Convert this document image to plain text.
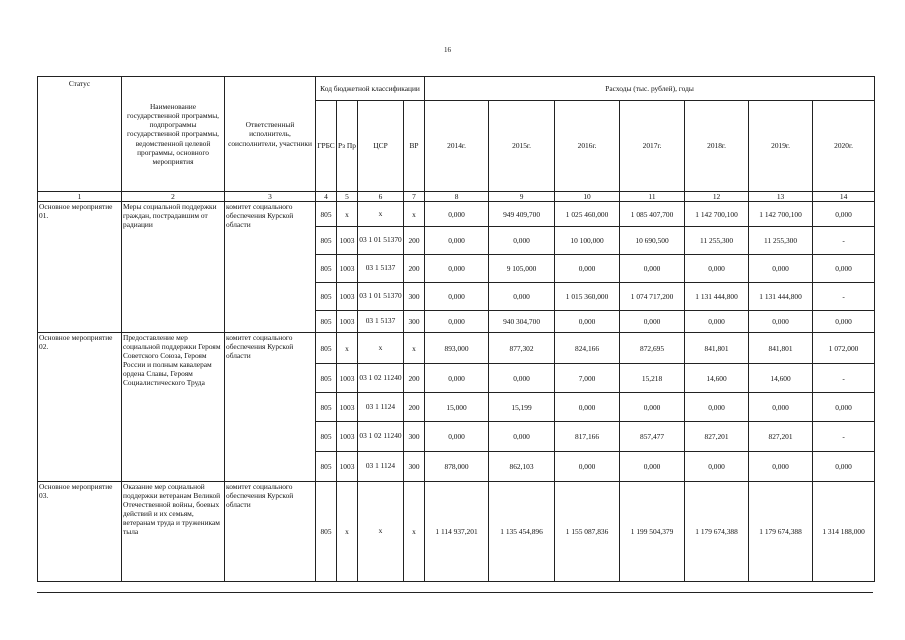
16
Статус	Наименование государственной программы, подпрограммы государственной программы, ведомственной целевой программы, основного мероприятия	Ответственный исполнитель, соисполнители, участники	Код бюджетной классификации				Расходы (тыс. рублей), годы						
			ГРБС	Рз Пр	ЦСР	ВР	2014г.	2015г.	2016г.	2017г.	2018г.	2019г.	2020г.
1	2	3	4	5	6	7	8	9	10	11	12	13	14
Основное мероприятие 01.	Меры социальной поддержки граждан, пострадавшим от радиации	комитет социального обеспечения Курской области	805	х	х	х	0,000	949 409,700	1 025 460,000	1 085 407,700	1 142 700,100	1 142 700,100	0,000
			805	1003	03 1 01 51370	200	0,000	0,000	10 100,000	10 690,500	11 255,300	11 255,300	-
			805	1003	03 1 5137	200	0,000	9 105,000	0,000	0,000	0,000	0,000	0,000
			805	1003	03 1 01 51370	300	0,000	0,000	1 015 360,000	1 074 717,200	1 131 444,800	1 131 444,800	-
			805	1003	03 1 5137	300	0,000	940 304,700	0,000	0,000	0,000	0,000	0,000
Основное мероприятие 02.	Предоставление мер социальной поддержки Героям Советского Союза, Героям России и полным кавалерам ордена Славы, Героям Социалистического Труда	комитет социального обеспечения Курской области	805	х	х	х	893,000	877,302	824,166	872,695	841,801	841,801	1 072,000
			805	1003	03 1 02 11240	200	0,000	0,000	7,000	15,218	14,600	14,600	-
			805	1003	03 1 1124	200	15,000	15,199	0,000	0,000	0,000	0,000	0,000
			805	1003	03 1 02 11240	300	0,000	0,000	817,166	857,477	827,201	827,201	-
			805	1003	03 1 1124	300	878,000	862,103	0,000	0,000	0,000	0,000	0,000
Основное мероприятие 03.	Оказание мер социальной поддержки ветеранам Великой Отечественной войны, боевых действий и их семьям, ветеранам труда и труженикам тыла	комитет социального обеспечения Курской области	805	х	х	х	1 114 937,201	1 135 454,896	1 155 087,836	1 199 504,379	1 179 674,388	1 179 674,388	1 314 188,000
